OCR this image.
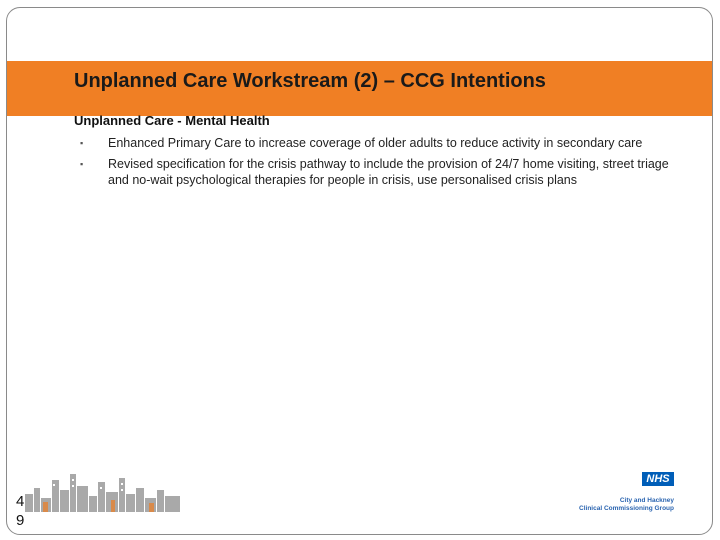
Unplanned Care Workstream (2) – CCG Intentions

Unplanned Care - Mental Health

▪ Enhanced Primary Care to increase coverage of older adults to reduce activity in secondary care
▪ Revised specification for the crisis pathway to include the provision of 24/7 home visiting, street triage and no-wait psychological therapies for people in crisis, use personalised crisis plans
NHS
City and Hackney
Clinical Commissioning Group
49
